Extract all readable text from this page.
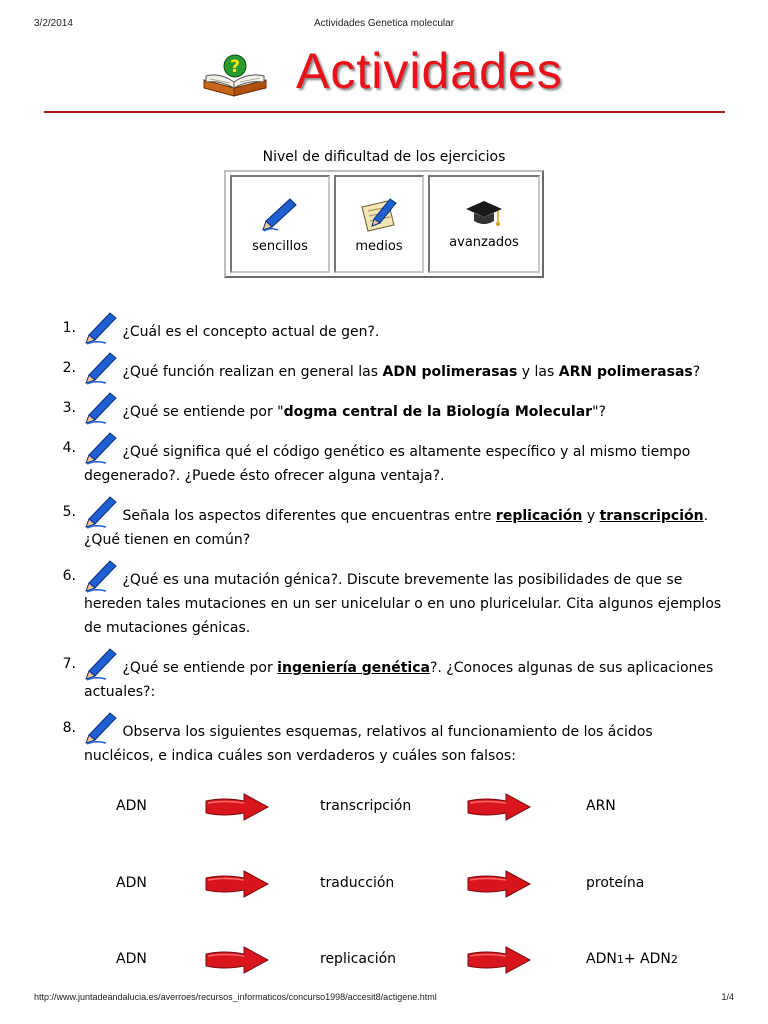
3/2/2014	Actividades Genetica molecular
? Actividades
Nivel de dificultad de los ejercicios
sencillos	medios	avanzados
1.	¿Cuál es el concepto actual de gen?.
2.	¿Qué función realizan en general las ADN polimerasas y las ARN polimerasas?
3.	¿Qué se entiende por "dogma central de la Biología Molecular"?
4.	¿Qué significa qué el código genético es altamente específico y al mismo tiempo degenerado?. ¿Puede ésto ofrecer alguna ventaja?.
5.	Señala los aspectos diferentes que encuentras entre replicación y transcripción.¿Qué tienen en común?
6.	¿Qué es una mutación génica?. Discute brevemente las posibilidades de que se hereden tales mutaciones en un ser unicelular o en uno pluricelular. Cita algunos ejemplos de mutaciones génicas.
7.	¿Qué se entiende por ingeniería genética?. ¿Conoces algunas de sus aplicaciones actuales?:
8.	Observa los siguientes esquemas, relativos al funcionamiento de los ácidos nucléicos, e indica cuáles son verdaderos y cuáles son falsos:
ADN	transcripción	ARN
ADN	traducción	proteína
ADN	replicación	ADN1+ ADN2
http://www.juntadeandalucia.es/averroes/recursos_informaticos/concurso1998/accesit8/actigene.html	1/4
